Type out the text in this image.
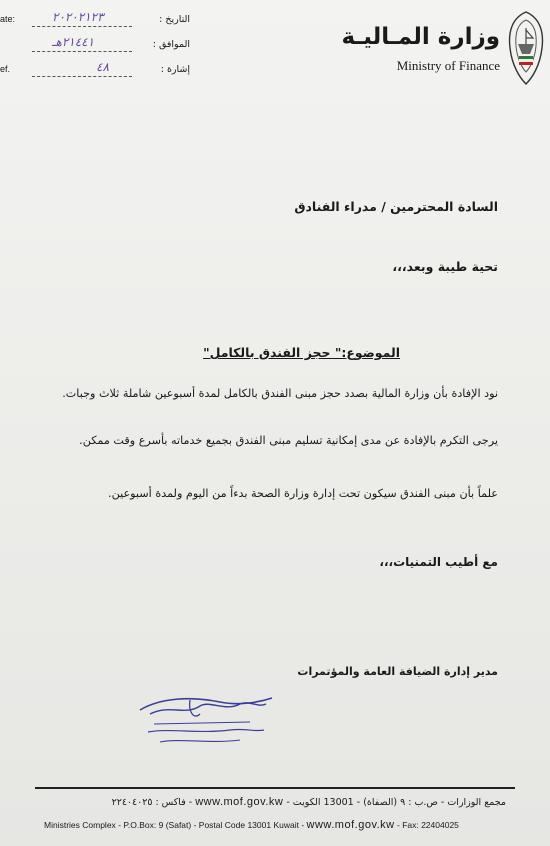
ate:	٢٠٢٠٢١٢٣	التاريخ :
٢١٤٤١هـ	الموافق :
ef.	٤٨	إشارة :
وزارة المـاليـة
Ministry of Finance
السادة المحترمين / مدراء الفنادق
تحية طيبة وبعد،،،
الموضوع:" حجز الفندق بالكامل"
نود الإفادة بأن وزارة المالية بصدد حجز مبنى الفندق بالكامل لمدة أسبوعين شاملة ثلاث وجبات.
يرجى التكرم بالإفادة عن مدى إمكانية تسليم مبنى الفندق بجميع خدماته بأسرع وقت ممكن.
علماً بأن مبنى الفندق سيكون تحت إدارة وزارة الصحة بدءاً من اليوم ولمدة أسبوعين.
مع أطيب التمنيات،،،
مدير إدارة الضيافة العامة والمؤتمرات
مجمع الوزارات - ص.ب : ٩ (الصفاة) - 13001 الكويت - www.mof.gov.kw - فاكس : ٢٢٤٠٤٠٢٥
Ministries Complex - P.O.Box: 9 (Safat) - Postal Code 13001 Kuwait - www.mof.gov.kw - Fax: 22404025
